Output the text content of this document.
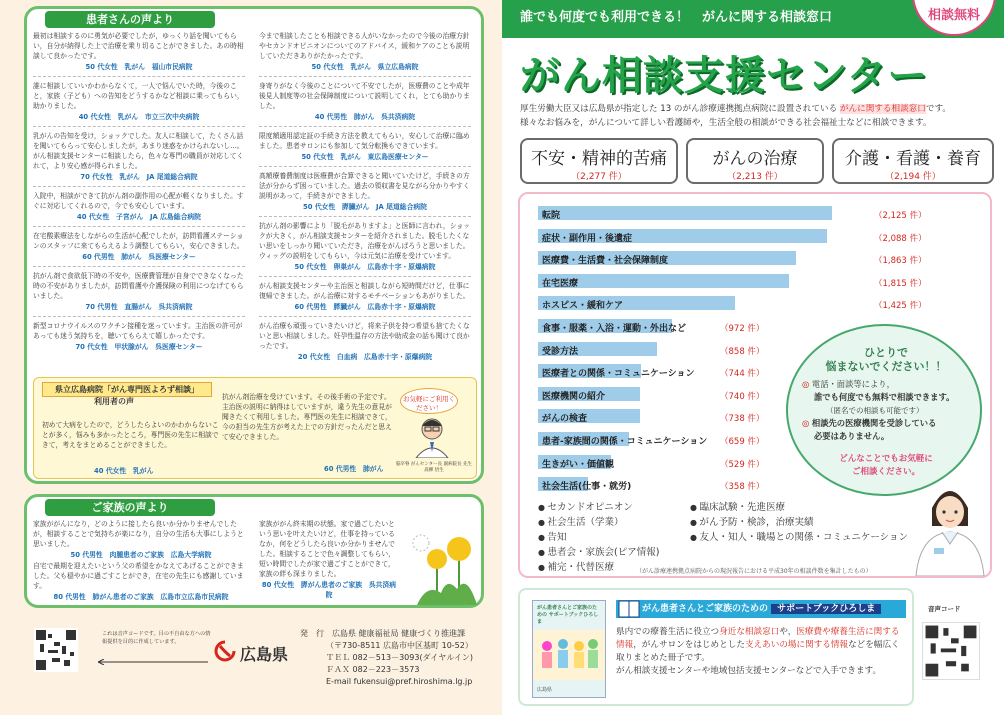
患者さんの声より

最初は相談するのに勇気が必要でしたが，ゆっくり話を聞いてもらい，自分が納得した上で治療を乗り切ることができました。あの時相談して良かったです。

50 代女性　乳がん　福山市民病院

誰に相談していいかわからなくて，一人で悩んでいた時，今後のこと，家族（子ども）への告知をどうするかなど相談に乗ってもらい，助かりました。

40 代女性　乳がん　市立三次中央病院

乳がんの告知を受け，ショックでした。友人に相談して，たくさん話を聞いてもらって安心しましたが，あまり迷惑をかけられないし…。がん相談支援センターに相談したら，色々な専門の職員が対応してくれて，より安心感が得られました。

70 代女性　乳がん　JA 尾道総合病院

入院中，相談ができて抗がん剤の副作用の心配が軽くなりました。すぐに対応してくれるので，今でも安心しています。

40 代女性　子宮がん　JA 広島総合病院

在宅酸素療法をしながらの生活が心配でしたが，訪問看護ステーションのスタッフに来てもらえるよう調整してもらい，安心できました。

60 代男性　肺がん　呉医療センター

抗がん剤で食欲低下時の不安や，医療費管理が自身でできなくなった時の不安がありましたが，訪問看護や介護保険の利用につなげてもらいました。

70 代男性　直腸がん　呉共済病院

新型コロナウイルスのワクチン接種を迷っています。主治医の許可があっても迷う気持ちを，聴いてもらえて嬉しかったです。

70 代女性　甲状腺がん　呉医療センター

今まで相談したことも相談できる人がいなかったので今後の治療方針やセカンドオピニオンについてのアドバイス，緩和ケアのことも説明していただきありがたかったです。

50 代女性　乳がん　県立広島病院

身寄りがなく今後のことについて不安でしたが，医療費のことや成年後見人制度等の社会保障制度について説明してくれ，とても助かりました。

40 代男性　肺がん　呉共済病院

限度額適用認定証の手続き方法を教えてもらい，安心して治療に臨めました。患者サロンにも参加して気分転換もできています。

50 代女性　乳がん　東広島医療センター

高額療養費制度は医療費が合算できると聞いていたけど，手続きの方法が分からず困っていました。過去の領収書を見ながら分かりやすく説明があって，手続きができました。

50 代女性　膵臓がん　JA 尾道総合病院

抗がん剤の影響により「脱毛がありますよ」と医師に言われ，ショックが大きく，がん相談支援センターを紹介されました。脱毛したくない思いをしっかり聞いていただき，治療をがんばろうと思いました。ウィッグの説明をしてもらい，今は元気に治療を受けています。

50 代女性　卵巣がん　広島赤十字・原爆病院

がん相談支援センターや主治医と相談しながら短時間だけど，仕事に復帰できました。がん治療に対するモチベーションもあがりました。

60 代男性　膵臓がん　広島赤十字・原爆病院

がん治療も頑張っていきたいけど，将来子供を持つ希望も捨てたくないと思い相談しました。妊孕性温存の方法や助成金の話も聞けて良かったです。

20 代女性　白血病　広島赤十字・原爆病院
県立広島病院「がん専門医よろず相談」
利用者の声
初めて大病をしたので，どうしたらよいのかわからないことが多く，悩みも多かったところ，専門医の先生に相談できて，考えをまとめることができました。
40 代女性　乳がん
抗がん剤治療を受けています。その後手術の予定です。主治医の説明に納得はしていますが，違う先生の意見が聞きたくて利用しました。専門医の先生に相談できて，今の担当の先生方が考えた上での方針だったんだと思えて安心できました。
60 代男性　肺がん
お気軽にご利用ください！
脳卒脊 がんセンター長 副病院長 先生　髙柳 悟生
ご家族の声より

家族ががんになり，どのように接したら良いか分かりませんでしたが，相談することで気持ちが楽になり，自分の生活も大事にしようと思いました。

50 代男性　肉腫患者のご家族　広島大学病院

自宅で最期を迎えたいという父の希望をかなえてあげることができました。父も穏やかに過ごすことができ，在宅の先生にも感謝しています。

80 代男性　肺がん患者のご家族　広島市立広島市民病院

家族ががん終末期の状態。家で過ごしたいという思いを叶えたいけど，仕事を持っているなか，何をどうしたら良いか分かりませんでした。相談することで色々調整してもらい，短い時間でしたが家で過ごすことができて，家族の絆も深まりました。

80 代女性　膵がん患者のご家族　呉共済病院
これは音声コードです。目の不自由な方への情報提供を目的に作成しています。
広島県
発　行　 広島県 健康福祉局 健康づくり推進課
（〒730-8511 広島市中区基町 10-52）
ＴＥＬ 082－513－3093(ダイヤルイン)
ＦＡＸ 082－223－3573
E-mail fukensui@pref.hiroshima.lg.jp
誰でも何度でも利用できる！　がんに関する相談窓口	相談無料
がん相談支援センター
厚生労働大臣又は広島県が指定した 13 のがん診療連携拠点病院に設置されている がんに関する相談窓口です。
様々なお悩みを，がんについて詳しい看護師や，生活全般の相談ができる社会福祉士などに相談できます。
不安・精神的苦痛
（2,277 件）
がんの治療
（2,213 件）
介護・看護・養育
（2,194 件）
転院	（2,125 件）
症状・副作用・後遺症	（2,088 件）
医療費・生活費・社会保障制度	（1,863 件）
在宅医療	（1,815 件）
ホスピス・緩和ケア	（1,425 件）
食事・服薬・入浴・運動・外出など	（972 件）
受診方法	（858 件）
医療者との関係・コミュニケーション	（744 件）
医療機関の紹介	（740 件）
がんの検査	（738 件）
患者-家族間の関係・コミュニケーション （659 件）
生きがい・価値観	（529 件）
社会生活(仕事・就労)	（358 件）
● セカンドオピニオン
● 社会生活（学業）
● 告知
● 患者会・家族会(ピア情報)
● 補完・代替医療
● 臨床試験・先進医療
● がん予防・検診，治療実績
● 友人・知人・職場との関係・コミュニケーション
（がん診療連携拠点病院からの現況報告における平成30年の相談件数を集計したもの）
ひとりで
悩まないでください！！
◎ 電話・面談等により，
誰でも何度でも無料で相談できます。
（匿名での相談も可能です）
◎ 相談先の医療機関を受診している
必要はありません。
どんなことでもお気軽に
ご相談ください。
がん患者さんとご家族のための サポートブックひろしま
広島県
がん患者さんとご家族のための サポートブックひろしま
県内での療養生活に役立つ身近な相談窓口や，医療費や療養生活に関する情報，がんサロンをはじめとした支えあいの場に関する情報などを幅広く取りまとめた冊子です。
がん相談支援センターや地域包括支援センターなどで入手できます。
音声コード
